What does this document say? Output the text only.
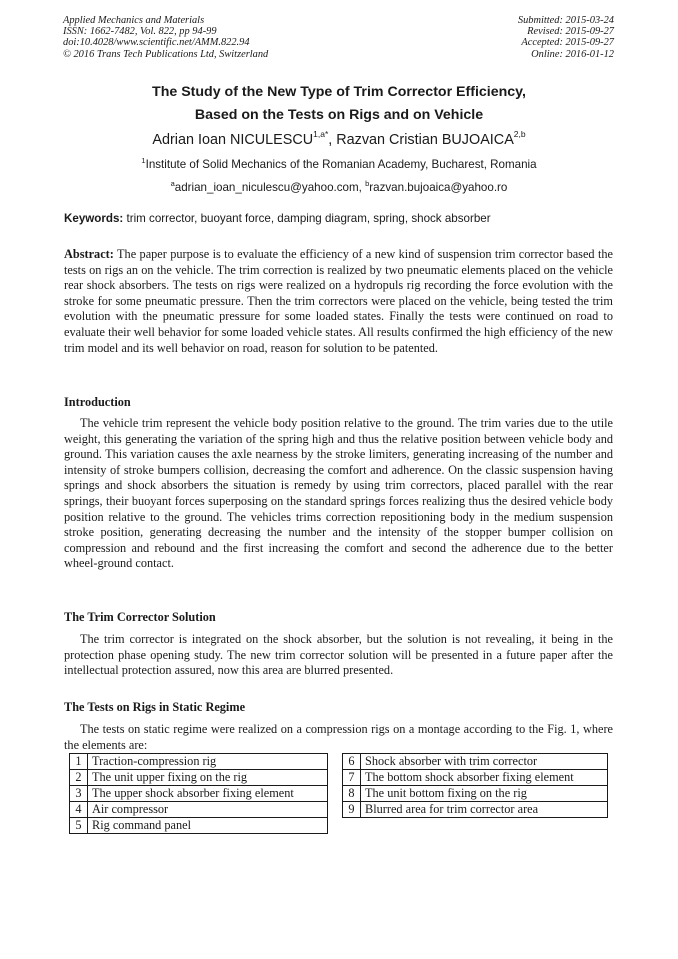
Applied Mechanics and Materials
ISSN: 1662-7482, Vol. 822, pp 94-99
doi:10.4028/www.scientific.net/AMM.822.94
© 2016 Trans Tech Publications Ltd, Switzerland
Submitted: 2015-03-24
Revised: 2015-09-27
Accepted: 2015-09-27
Online: 2016-01-12
The Study of the New Type of Trim Corrector Efficiency,
Based on the Tests on Rigs and on Vehicle
Adrian Ioan $NICULESCU^{1,a*}$, Razvan Cristian BUJOAICA$^{2,b}$
$^1$Institute of Solid Mechanics of the Romanian Academy, Bucharest, Romania
$^a$adrian_ioan_niculescu@yahoo.com, $^b$razvan.bujoaica@yahoo.ro
Keywords: trim corrector, buoyant force, damping diagram, spring, shock absorber

Abstract: The paper purpose is to evaluate the efficiency of a new kind of suspension trim corrector based the tests on rigs an on the vehicle. The trim correction is realized by two pneumatic elements placed on the vehicle rear shock absorbers. The tests on rigs were realized on a hydropuls rig recording the force evolution with the stroke for some pneumatic pressure. Then the trim correctors were placed on the vehicle, being tested the trim evolution with the pneumatic pressure for some loaded states. Finally the tests were continued on road to evaluate their well behavior for some loaded vehicle states. All results confirmed the high efficiency of the new trim model and its well behavior on road, reason for solution to be patented.

Introduction

The vehicle trim represent the vehicle body position relative to the ground. The trim varies due to the utile weight, this generating the variation of the spring high and thus the relative position between vehicle body and ground. This variation causes the axle nearness by the stroke limiters, generating increasing of the number and intensity of stroke bumpers collision, decreasing the comfort and adherence. On the classic suspension having springs and shock absorbers the situation is remedy by using trim correctors, placed parallel with the rear springs, their buoyant forces superposing on the standard springs forces realizing thus the desired vehicle body position relative to the ground. The vehicles trims correction repositioning body in the medium suspension stroke position, generating decreasing the number and the intensity of the stopper bumper collision on compression and rebound and the first increasing the comfort and second the adherence due to the better wheel-ground contact.

The Trim Corrector Solution

The trim corrector is integrated on the shock absorber, but the solution is not revealing, it being in the protection phase opening study. The new trim corrector solution will be presented in a future paper after the intellectual protection assured, now this area are blurred presented.

The Tests on Rigs in Static Regime

The tests on static regime were realized on a compression rigs on a montage according to the Fig. 1, where the elements are:

1	Traction-compression rig
2	The unit upper fixing on the rig
3	The upper shock absorber fixing element
4	Air compressor
5	Rig command panel
6	Shock absorber with trim corrector
7	The bottom shock absorber fixing element
8	The unit bottom fixing on the rig
9	Blurred area for trim corrector area
